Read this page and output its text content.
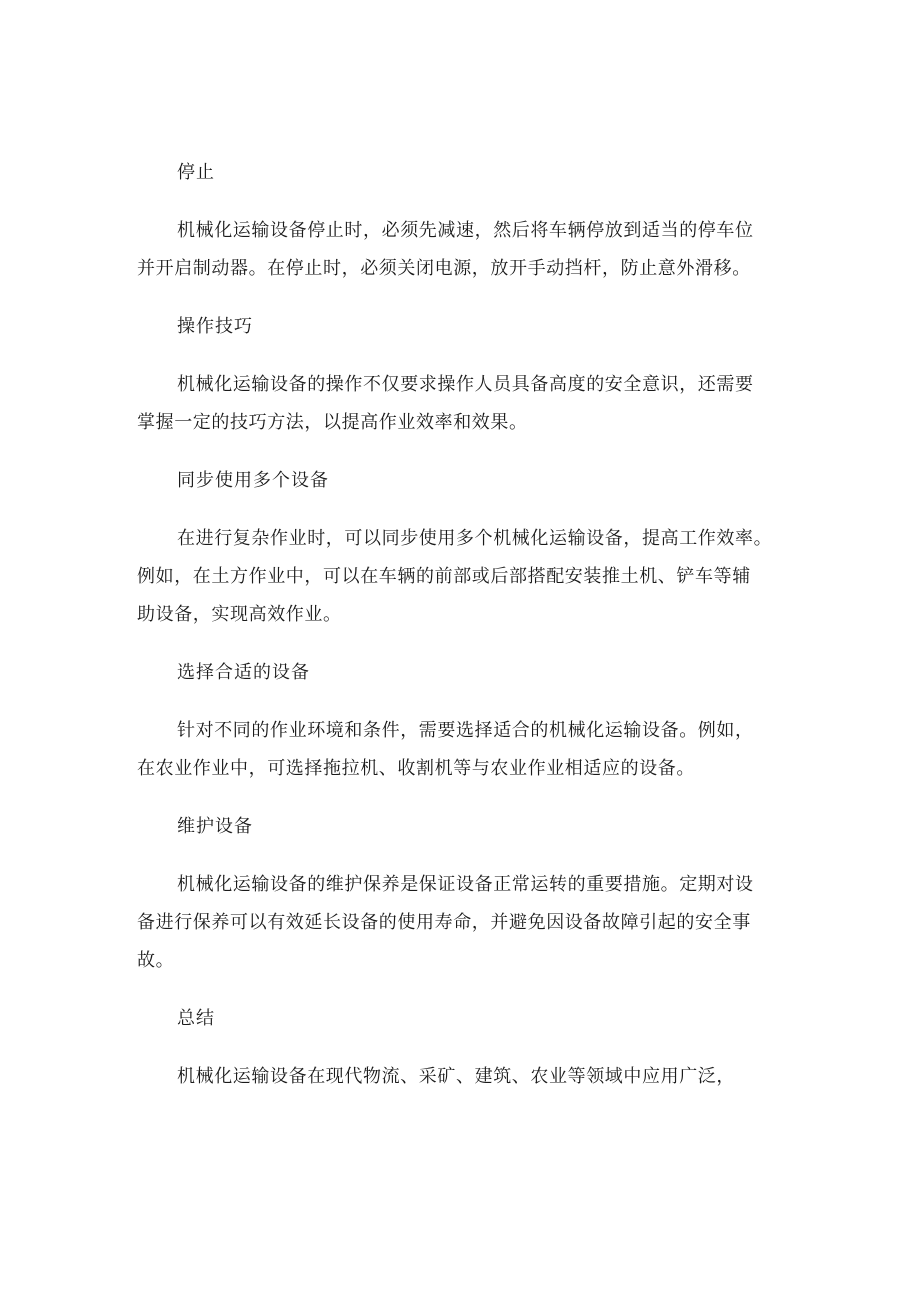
停止
机械化运输设备停止时，必须先减速，然后将车辆停放到适当的停车位
并开启制动器。在停止时，必须关闭电源，放开手动挡杆，防止意外滑移。
操作技巧
机械化运输设备的操作不仅要求操作人员具备高度的安全意识，还需要
掌握一定的技巧方法，以提高作业效率和效果。
同步使用多个设备
在进行复杂作业时，可以同步使用多个机械化运输设备，提高工作效率。
例如，在土方作业中，可以在车辆的前部或后部搭配安装推土机、铲车等辅
助设备，实现高效作业。
选择合适的设备
针对不同的作业环境和条件，需要选择适合的机械化运输设备。例如，
在农业作业中，可选择拖拉机、收割机等与农业作业相适应的设备。
维护设备
机械化运输设备的维护保养是保证设备正常运转的重要措施。定期对设
备进行保养可以有效延长设备的使用寿命，并避免因设备故障引起的安全事
故。
总结
机械化运输设备在现代物流、采矿、建筑、农业等领域中应用广泛，
